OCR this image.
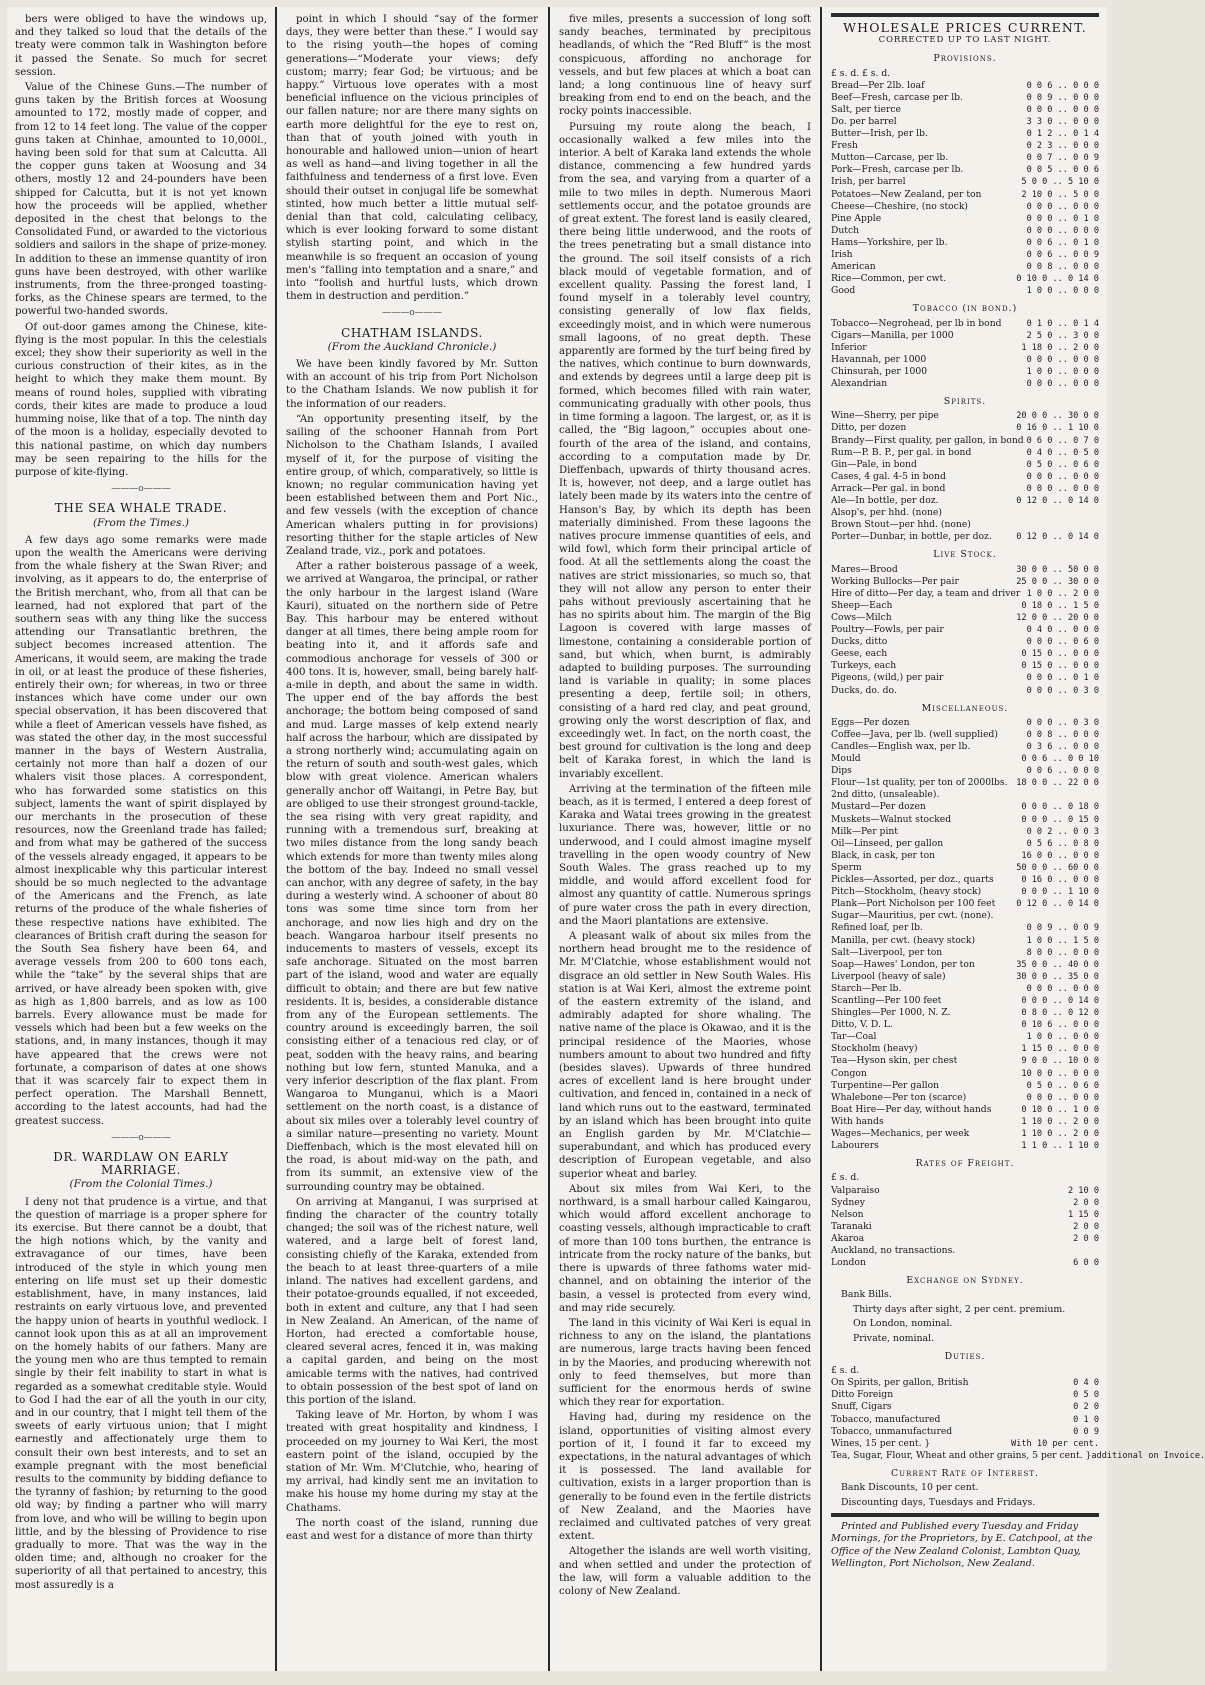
bers were obliged to have the windows up, and they talked so loud that the details of the treaty were common talk in Washington before it passed the Senate. So much for secret session.

Value of the Chinese Guns.—The number of guns taken by the British forces at Woosung amounted to 172, mostly made of copper, and from 12 to 14 feet long. The value of the copper guns taken at Chinhae, amounted to 10,000l., having been sold for that sum at Calcutta. All the copper guns taken at Woosung and 34 others, mostly 12 and 24-pounders have been shipped for Calcutta, but it is not yet known how the proceeds will be applied, whether deposited in the chest that belongs to the Consolidated Fund, or awarded to the victorious soldiers and sailors in the shape of prize-money. In addition to these an immense quantity of iron guns have been destroyed, with other warlike instruments, from the three-pronged toasting-forks, as the Chinese spears are termed, to the powerful two-handed swords.

Of out-door games among the Chinese, kite-flying is the most popular. In this the celestials excel; they show their superiority as well in the curious construction of their kites, as in the height to which they make them mount. By means of round holes, supplied with vibrating cords, their kites are made to produce a loud humming noise, like that of a top. The ninth day of the moon is a holiday, especially devoted to this national pastime, on which day numbers may be seen repairing to the hills for the purpose of kite-flying.

———o———
THE SEA WHALE TRADE.
(From the Times.)

A few days ago some remarks were made upon the wealth the Americans were deriving from the whale fishery at the Swan River; and involving, as it appears to do, the enterprise of the British merchant, who, from all that can be learned, had not explored that part of the southern seas with any thing like the success attending our Transatlantic brethren, the subject becomes increased attention. The Americans, it would seem, are making the trade in oil, or at least the produce of these fisheries, entirely their own; for whereas, in two or three instances which have come under our own special observation, it has been discovered that while a fleet of American vessels have fished, as was stated the other day, in the most successful manner in the bays of Western Australia, certainly not more than half a dozen of our whalers visit those places. A correspondent, who has forwarded some statistics on this subject, laments the want of spirit displayed by our merchants in the prosecution of these resources, now the Greenland trade has failed; and from what may be gathered of the success of the vessels already engaged, it appears to be almost inexplicable why this particular interest should be so much neglected to the advantage of the Americans and the French, as late returns of the produce of the whale fisheries of these respective nations have exhibited. The clearances of British craft during the season for the South Sea fishery have been 64, and average vessels from 200 to 600 tons each, while the “take” by the several ships that are arrived, or have already been spoken with, give as high as 1,800 barrels, and as low as 100 barrels. Every allowance must be made for vessels which had been but a few weeks on the stations, and, in many instances, though it may have appeared that the crews were not fortunate, a comparison of dates at one shows that it was scarcely fair to expect them in perfect operation. The Marshall Bennett, according to the latest accounts, had had the greatest success.

———o———
DR. WARDLAW ON EARLY MARRIAGE.
(From the Colonial Times.)

I deny not that prudence is a virtue, and that the question of marriage is a proper sphere for its exercise. But there cannot be a doubt, that the high notions which, by the vanity and extravagance of our times, have been introduced of the style in which young men entering on life must set up their domestic establishment, have, in many instances, laid restraints on early virtuous love, and prevented the happy union of hearts in youthful wedlock. I cannot look upon this as at all an improvement on the homely habits of our fathers. Many are the young men who are thus tempted to remain single by their felt inability to start in what is regarded as a somewhat creditable style. Would to God I had the ear of all the youth in our city, and in our country, that I might tell them of the sweets of early virtuous union; that I might earnestly and affectionately urge them to consult their own best interests, and to set an example pregnant with the most beneficial results to the community by bidding defiance to the tyranny of fashion; by returning to the good old way; by finding a partner who will marry from love, and who will be willing to begin upon little, and by the blessing of Providence to rise gradually to more. That was the way in the olden time; and, although no croaker for the superiority of all that pertained to ancestry, this most assuredly is a

point in which I should “say of the former days, they were better than these.” I would say to the rising youth—the hopes of coming generations—“Moderate your views; defy custom; marry; fear God; be virtuous; and be happy.” Virtuous love operates with a most beneficial influence on the vicious principles of our fallen nature; nor are there many sights on earth more delightful for the eye to rest on, than that of youth joined with youth in honourable and hallowed union—union of heart as well as hand—and living together in all the faithfulness and tenderness of a first love. Even should their outset in conjugal life be somewhat stinted, how much better a little mutual self-denial than that cold, calculating celibacy, which is ever looking forward to some distant stylish starting point, and which in the meanwhile is so frequent an occasion of young men's “falling into temptation and a snare,” and into “foolish and hurtful lusts, which drown them in destruction and perdition.”

———o———
CHATHAM ISLANDS.
(From the Auckland Chronicle.)

We have been kindly favored by Mr. Sutton with an account of his trip from Port Nicholson to the Chatham Islands. We now publish it for the information of our readers.

“An opportunity presenting itself, by the sailing of the schooner Hannah from Port Nicholson to the Chatham Islands, I availed myself of it, for the purpose of visiting the entire group, of which, comparatively, so little is known; no regular communication having yet been established between them and Port Nic., and few vessels (with the exception of chance American whalers putting in for provisions) resorting thither for the staple articles of New Zealand trade, viz., pork and potatoes.

After a rather boisterous passage of a week, we arrived at Wangaroa, the principal, or rather the only harbour in the largest island (Ware Kauri), situated on the northern side of Petre Bay. This harbour may be entered without danger at all times, there being ample room for beating into it, and it affords safe and commodious anchorage for vessels of 300 or 400 tons. It is, however, small, being barely half-a-mile in depth, and about the same in width. The upper end of the bay affords the best anchorage; the bottom being composed of sand and mud. Large masses of kelp extend nearly half across the harbour, which are dissipated by a strong northerly wind; accumulating again on the return of south and south-west gales, which blow with great violence. American whalers generally anchor off Waitangi, in Petre Bay, but are obliged to use their strongest ground-tackle, the sea rising with very great rapidity, and running with a tremendous surf, breaking at two miles distance from the long sandy beach which extends for more than twenty miles along the bottom of the bay. Indeed no small vessel can anchor, with any degree of safety, in the bay during a westerly wind. A schooner of about 80 tons was some time since torn from her anchorage, and now lies high and dry on the beach. Wangaroa harbour itself presents no inducements to masters of vessels, except its safe anchorage. Situated on the most barren part of the island, wood and water are equally difficult to obtain; and there are but few native residents. It is, besides, a considerable distance from any of the European settlements. The country around is exceedingly barren, the soil consisting either of a tenacious red clay, or of peat, sodden with the heavy rains, and bearing nothing but low fern, stunted Manuka, and a very inferior description of the flax plant. From Wangaroa to Munganui, which is a Maori settlement on the north coast, is a distance of about six miles over a tolerably level country of a similar nature—presenting no variety. Mount Dieffenbach, which is the most elevated hill on the road, is about mid-way on the path, and from its summit, an extensive view of the surrounding country may be obtained.

On arriving at Manganui, I was surprised at finding the character of the country totally changed; the soil was of the richest nature, well watered, and a large belt of forest land, consisting chiefly of the Karaka, extended from the beach to at least three-quarters of a mile inland. The natives had excellent gardens, and their potatoe-grounds equalled, if not exceeded, both in extent and culture, any that I had seen in New Zealand. An American, of the name of Horton, had erected a comfortable house, cleared several acres, fenced it in, was making a capital garden, and being on the most amicable terms with the natives, had contrived to obtain possession of the best spot of land on this portion of the island.

Taking leave of Mr. Horton, by whom I was treated with great hospitality and kindness, I proceeded on my journey to Wai Keri, the most eastern point of the island, occupied by the station of Mr. Wm. M'Clutchie, who, hearing of my arrival, had kindly sent me an invitation to make his house my home during my stay at the Chathams.

The north coast of the island, running due east and west for a distance of more than thirty

five miles, presents a succession of long soft sandy beaches, terminated by precipitous headlands, of which the “Red Bluff” is the most conspicuous, affording no anchorage for vessels, and but few places at which a boat can land; a long continuous line of heavy surf breaking from end to end on the beach, and the rocky points inaccessible.

Pursuing my route along the beach, I occasionally walked a few miles into the interior. A belt of Karaka land extends the whole distance, commencing a few hundred yards from the sea, and varying from a quarter of a mile to two miles in depth. Numerous Maori settlements occur, and the potatoe grounds are of great extent. The forest land is easily cleared, there being little underwood, and the roots of the trees penetrating but a small distance into the ground. The soil itself consists of a rich black mould of vegetable formation, and of excellent quality. Passing the forest land, I found myself in a tolerably level country, consisting generally of low flax fields, exceedingly moist, and in which were numerous small lagoons, of no great depth. These apparently are formed by the turf being fired by the natives, which continue to burn downwards, and extends by degrees until a large deep pit is formed, which becomes filled with rain water, communicating gradually with other pools, thus in time forming a lagoon. The largest, or, as it is called, the “Big lagoon,” occupies about one-fourth of the area of the island, and contains, according to a computation made by Dr. Dieffenbach, upwards of thirty thousand acres. It is, however, not deep, and a large outlet has lately been made by its waters into the centre of Hanson's Bay, by which its depth has been materially diminished. From these lagoons the natives procure immense quantities of eels, and wild fowl, which form their principal article of food. At all the settlements along the coast the natives are strict missionaries, so much so, that they will not allow any person to enter their pahs without previously ascertaining that he has no spirits about him. The margin of the Big Lagoon is covered with large masses of limestone, containing a considerable portion of sand, but which, when burnt, is admirably adapted to building purposes. The surrounding land is variable in quality; in some places presenting a deep, fertile soil; in others, consisting of a hard red clay, and peat ground, growing only the worst description of flax, and exceedingly wet. In fact, on the north coast, the best ground for cultivation is the long and deep belt of Karaka forest, in which the land is invariably excellent.

Arriving at the termination of the fifteen mile beach, as it is termed, I entered a deep forest of Karaka and Watai trees growing in the greatest luxuriance. There was, however, little or no underwood, and I could almost imagine myself travelling in the open woody country of New South Wales. The grass reached up to my middle, and would afford excellent food for almost any quantity of cattle. Numerous springs of pure water cross the path in every direction, and the Maori plantations are extensive.

A pleasant walk of about six miles from the northern head brought me to the residence of Mr. M'Clatchie, whose establishment would not disgrace an old settler in New South Wales. His station is at Wai Keri, almost the extreme point of the eastern extremity of the island, and admirably adapted for shore whaling. The native name of the place is Okawao, and it is the principal residence of the Maories, whose numbers amount to about two hundred and fifty (besides slaves). Upwards of three hundred acres of excellent land is here brought under cultivation, and fenced in, contained in a neck of land which runs out to the eastward, terminated by an island which has been brought into quite an English garden by Mr. M'Clatchie—superabundant, and which has produced every description of European vegetable, and also superior wheat and barley.

About six miles from Wai Keri, to the northward, is a small harbour called Kaingarou, which would afford excellent anchorage to coasting vessels, although impracticable to craft of more than 100 tons burthen, the entrance is intricate from the rocky nature of the banks, but there is upwards of three fathoms water mid-channel, and on obtaining the interior of the basin, a vessel is protected from every wind, and may ride securely.

The land in this vicinity of Wai Keri is equal in richness to any on the island, the plantations are numerous, large tracts having been fenced in by the Maories, and producing wherewith not only to feed themselves, but more than sufficient for the enormous herds of swine which they rear for exportation.

Having had, during my residence on the island, opportunities of visiting almost every portion of it, I found it far to exceed my expectations, in the natural advantages of which it is possessed. The land available for cultivation, exists in a larger proportion than is generally to be found even in the fertile districts of New Zealand, and the Maories have reclaimed and cultivated patches of very great extent.

Altogether the islands are well worth visiting, and when settled and under the protection of the law, will form a valuable addition to the colony of New Zealand.

WHOLESALE PRICES CURRENT.
CORRECTED UP TO LAST NIGHT.
Provisions.
£ s. d. £ s. d.
Bread—Per 2lb. loaf	0 0 6 .. 0 0 0
Beef—Fresh, carcase per lb.	0 0 9 .. 0 0 0
Salt, per tierce	0 0 0 .. 0 0 0
Do. per barrel	3 3 0 .. 0 0 0
Butter—Irish, per lb.	0 1 2 .. 0 1 4
Fresh	0 2 3 .. 0 0 0
Mutton—Carcase, per lb.	0 0 7 .. 0 0 9
Pork—Fresh, carcase per lb.	0 0 5 .. 0 0 6
Irish, per barrel	5 0 0 .. 5 10 0
Potatoes—New Zealand, per ton	2 10 0 .. 5 0 0
Cheese—Cheshire, (no stock)	0 0 0 .. 0 0 0
Pine Apple	0 0 0 .. 0 1 0
Dutch	0 0 0 .. 0 0 0
Hams—Yorkshire, per lb.	0 0 6 .. 0 1 0
Irish	0 0 6 .. 0 0 9
American	0 0 8 .. 0 0 0
Rice—Common, per cwt.	0 10 0 .. 0 14 0
Good	1 0 0 .. 0 0 0
Tobacco (in bond.)
Tobacco—Negrohead, per lb in bond	0 1 0 .. 0 1 4
Cigars—Manilla, per 1000	2 5 0 .. 3 0 0
Inferior	1 18 0 .. 2 0 0
Havannah, per 1000	0 0 0 .. 0 0 0
Chinsurah, per 1000	1 0 0 .. 0 0 0
Alexandrian	0 0 0 .. 0 0 0
Spirits.
Wine—Sherry, per pipe	20 0 0 .. 30 0 0
Ditto, per dozen	0 16 0 .. 1 10 0
Brandy—First quality, per gallon, in bond 0 6 0 .. 0 7 0
Rum—P. B. P., per gal. in bond	0 4 0 .. 0 5 0
Gin—Pale, in bond	0 5 0 .. 0 6 0
Cases, 4 gal. 4-5 in bond	0 0 0 .. 0 0 0
Arrack—Per gal. in bond	0 0 0 .. 0 0 0
Ale—In bottle, per doz.	0 12 0 .. 0 14 0
Alsop's, per hhd. (none)
Brown Stout—per hhd. (none)
Porter—Dunbar, in bottle, per doz.	0 12 0 .. 0 14 0
Live Stock.
Mares—Brood	30 0 0 .. 50 0 0
Working Bullocks—Per pair	25 0 0 .. 30 0 0
Hire of ditto—Per day, a team and driver 1 0 0 .. 2 0 0
Sheep—Each	0 18 0 .. 1 5 0
Cows—Milch	12 0 0 .. 20 0 0
Poultry—Fowls, per pair	0 4 0 .. 0 0 0
Ducks, ditto	0 0 0 .. 0 6 0
Geese, each	0 15 0 .. 0 0 0
Turkeys, each	0 15 0 .. 0 0 0
Pigeons, (wild,) per pair	0 0 0 .. 0 1 0
Ducks, do. do.	0 0 0 .. 0 3 0
Miscellaneous.
Eggs—Per dozen	0 0 0 .. 0 3 0
Coffee—Java, per lb. (well supplied)	0 0 8 .. 0 0 0
Candles—English wax, per lb.	0 3 6 .. 0 0 0
Mould	0 0 6 .. 0 0 10
Dips	0 0 6 .. 0 0 0
Flour—1st quality, per ton of 2000lbs.	18 0 0 .. 22 0 0
2nd ditto, (unsaleable).
Mustard—Per dozen	0 0 0 .. 0 18 0
Muskets—Walnut stocked	0 0 0 .. 0 15 0
Milk—Per pint	0 0 2 .. 0 0 3
Oil—Linseed, per gallon	0 5 6 .. 0 8 0
Black, in cask, per ton	16 0 0 .. 0 0 0
Sperm	50 0 0 .. 60 0 0
Pickles—Assorted, per doz., quarts	0 16 0 .. 0 0 0
Pitch—Stockholm, (heavy stock)	0 0 0 .. 1 10 0
Plank—Port Nicholson per 100 feet	0 12 0 .. 0 14 0
Sugar—Mauritius, per cwt. (none).
Refined loaf, per lb.	0 0 9 .. 0 0 9
Manilla, per cwt. (heavy stock)	1 0 0 .. 1 5 0
Salt—Liverpool, per ton	8 0 0 .. 0 0 0
Soap—Hawes' London, per ton	35 0 0 .. 40 0 0
Liverpool (heavy of sale)	30 0 0 .. 35 0 0
Starch—Per lb.	0 0 0 .. 0 0 0
Scantling—Per 100 feet	0 0 0 .. 0 14 0
Shingles—Per 1000, N. Z.	0 8 0 .. 0 12 0
Ditto, V. D. L.	0 10 6 .. 0 0 0
Tar—Coal	1 0 0 .. 0 0 0
Stockholm (heavy)	1 15 0 .. 0 0 0
Tea—Hyson skin, per chest	9 0 0 .. 10 0 0
Congon	10 0 0 .. 0 0 0
Turpentine—Per gallon	0 5 0 .. 0 6 0
Whalebone—Per ton (scarce)	0 0 0 .. 0 0 0
Boat Hire—Per day, without hands	0 10 0 .. 1 0 0
With hands	1 10 0 .. 2 0 0
Wages—Mechanics, per week	1 10 0 .. 2 0 0
Labourers	1 1 0 .. 1 10 0
Rates of Freight.
£ s. d.
Valparaiso	2 10 0
Sydney	2 0 0
Nelson	1 15 0
Taranaki	2 0 0
Akaroa	2 0 0
Auckland, no transactions.
London	6 0 0
Exchange on Sydney.

Bank Bills.

Thirty days after sight, 2 per cent. premium.

On London, nominal.

Private, nominal.

Duties.
£ s. d.
On Spirits, per gallon, British	0 4 0
Ditto Foreign	0 5 0
Snuff, Cigars	0 2 0
Tobacco, manufactured	0 1 0
Tobacco, unmanufactured	0 0 9
Wines, 15 per cent. }	With 10 per cent.
Tea, Sugar, Flour, Wheat and other grains, 5 per cent. } additional on Invoice.
Current Rate of Interest.

Bank Discounts, 10 per cent.

Discounting days, Tuesdays and Fridays.

Printed and Published every Tuesday and Friday Mornings, for the Proprietors, by E. Catchpool, at the Office of the New Zealand Colonist, Lambton Quay, Wellington, Port Nicholson, New Zealand.
